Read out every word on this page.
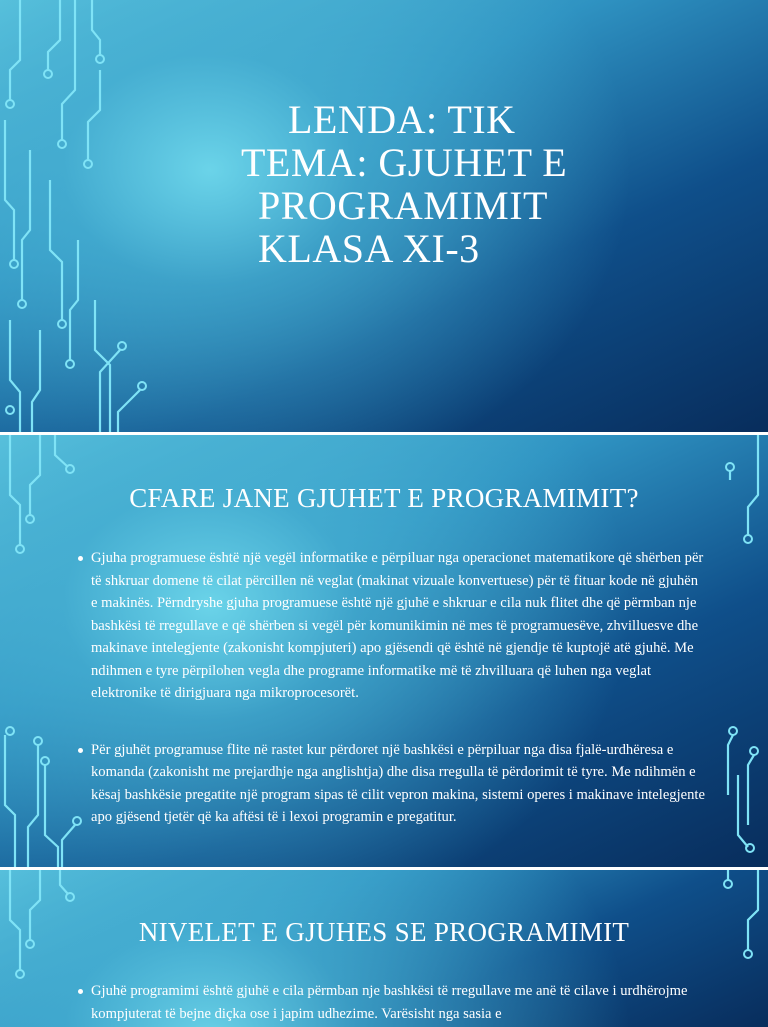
LENDA: TIK
TEMA: GJUHET E
PROGRAMIMIT
KLASA XI-3
CFARE JANE GJUHET E PROGRAMIMIT?
Gjuha programuese është një vegël informatike e përpiluar nga operacionet matematikore që shërben për të shkruar domene të cilat përcillen në veglat (makinat vizuale konvertuese) për të fituar kode në gjuhën e makinës. Përndryshe gjuha programuese është një gjuhë e shkruar e cila nuk flitet dhe që përmban nje bashkësi të rregullave e që shërben si vegël për komunikimin në mes të programuesëve, zhvilluesve dhe makinave intelegjente (zakonisht kompjuteri) apo gjësendi që është në gjendje të kuptojë atë gjuhë. Me ndihmen e tyre përpilohen vegla dhe programe informatike më të zhvilluara që luhen nga veglat elektronike të dirigjuara nga mikroprocesorët.
Për gjuhët programuse flite në rastet kur përdoret një bashkësi e përpiluar nga disa fjalë-urdhëresa e komanda (zakonisht me prejardhje nga anglishtja) dhe disa rregulla të përdorimit të tyre. Me ndihmën e kësaj bashkësie pregatite një program sipas të cilit vepron makina, sistemi operes i makinave intelegjente apo gjësend tjetër që ka aftësi të i lexoi programin e pregatitur.
NIVELET E GJUHES SE PROGRAMIMIT
Gjuhë programimi është gjuhë e cila përmban nje bashkësi të rregullave me anë të cilave i urdhërojme kompjuterat të bejne diçka ose i japim udhezime. Varësisht nga sasia e
